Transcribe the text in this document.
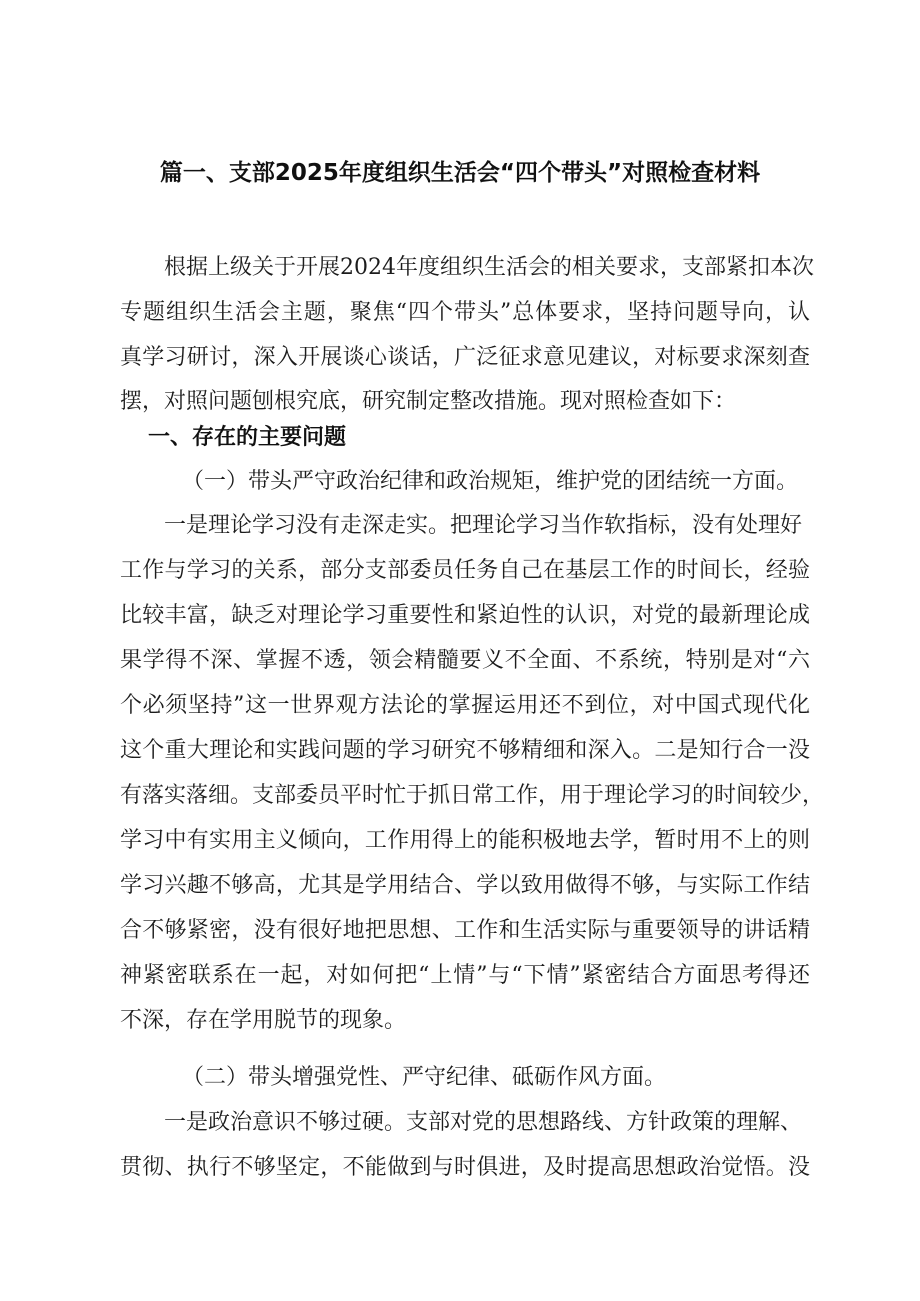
篇一、支部2025年度组织生活会“四个带头”对照检查材料
根据上级关于开展2024年度组织生活会的相关要求，支部紧扣本次
专题组织生活会主题，聚焦“四个带头”总体要求，坚持问题导向，认
真学习研讨，深入开展谈心谈话，广泛征求意见建议，对标要求深刻查
摆，对照问题刨根究底，研究制定整改措施。现对照检查如下：
一、存在的主要问题
（一）带头严守政治纪律和政治规矩，维护党的团结统一方面。
一是理论学习没有走深走实。把理论学习当作软指标，没有处理好
工作与学习的关系，部分支部委员任务自己在基层工作的时间长，经验
比较丰富，缺乏对理论学习重要性和紧迫性的认识，对党的最新理论成
果学得不深、掌握不透，领会精髓要义不全面、不系统，特别是对“六
个必须坚持”这一世界观方法论的掌握运用还不到位，对中国式现代化
这个重大理论和实践问题的学习研究不够精细和深入。二是知行合一没
有落实落细。支部委员平时忙于抓日常工作，用于理论学习的时间较少，
学习中有实用主义倾向，工作用得上的能积极地去学，暂时用不上的则
学习兴趣不够高，尤其是学用结合、学以致用做得不够，与实际工作结
合不够紧密，没有很好地把思想、工作和生活实际与重要领导的讲话精
神紧密联系在一起，对如何把“上情”与“下情”紧密结合方面思考得还
不深，存在学用脱节的现象。
（二）带头增强党性、严守纪律、砥砺作风方面。
一是政治意识不够过硬。支部对党的思想路线、方针政策的理解、
贯彻、执行不够坚定，不能做到与时俱进，及时提高思想政治觉悟。没
